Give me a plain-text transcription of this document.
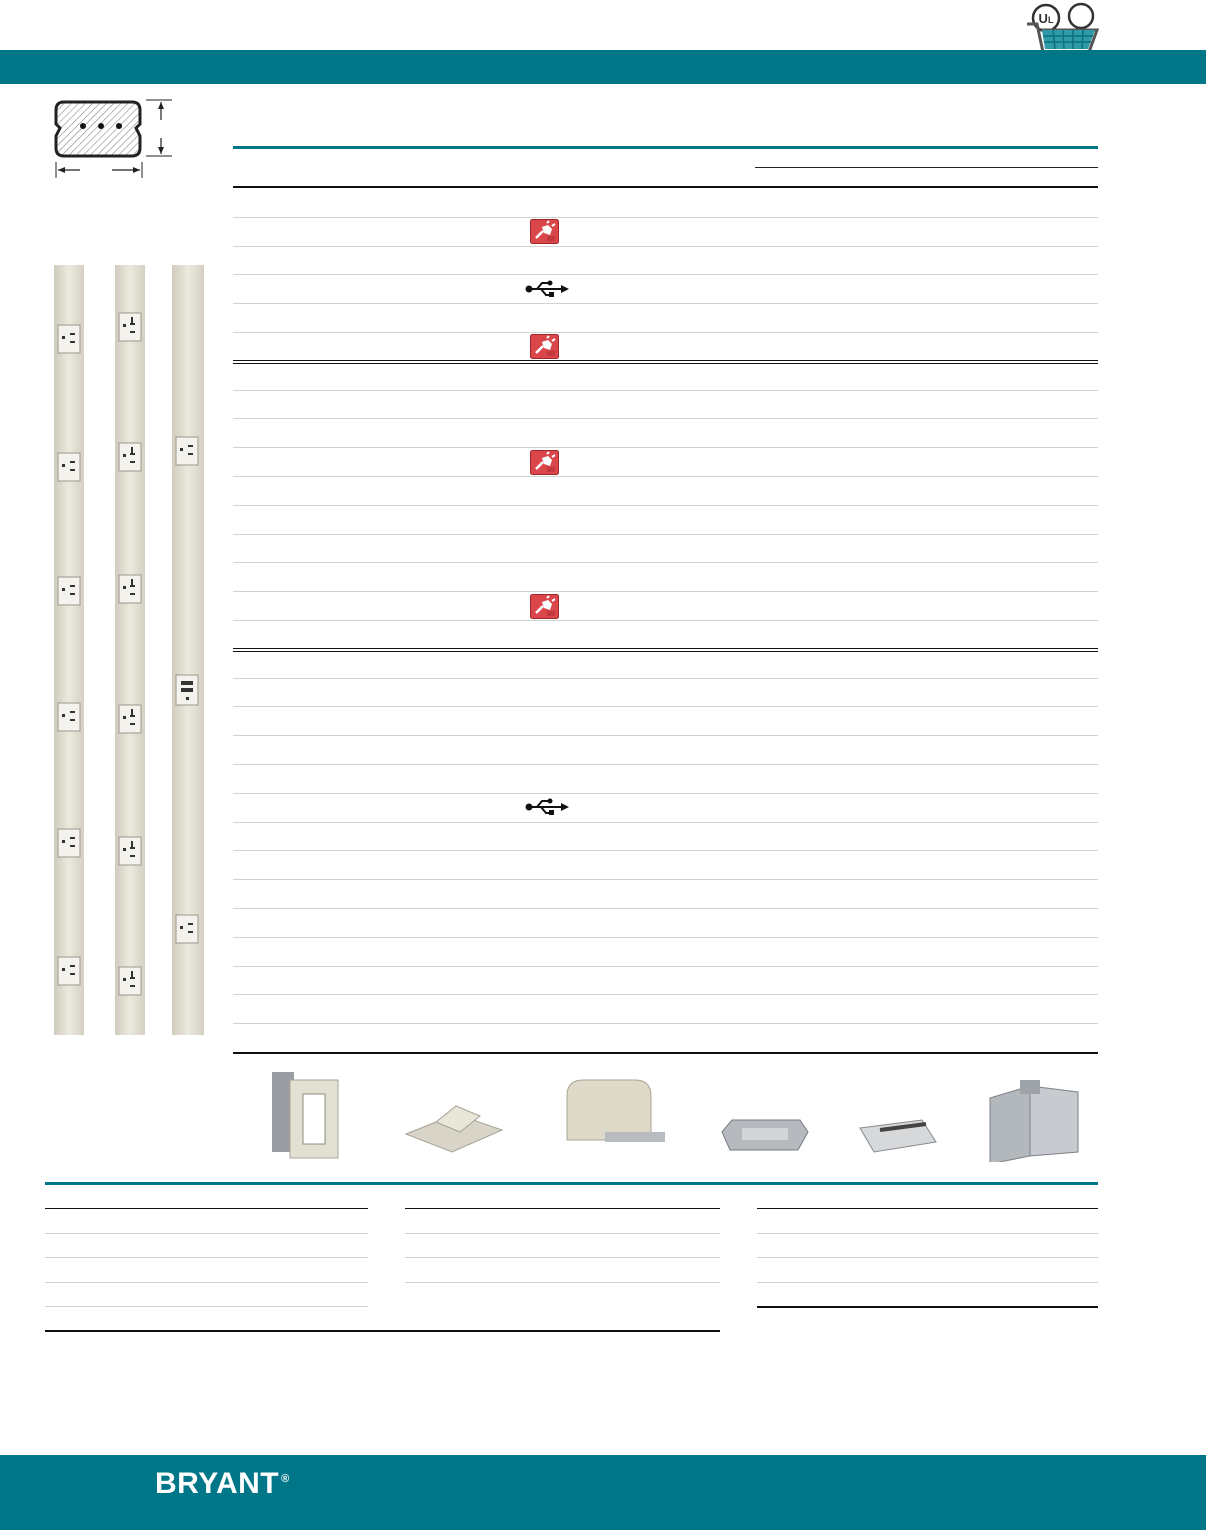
UL
BRYANT ®
